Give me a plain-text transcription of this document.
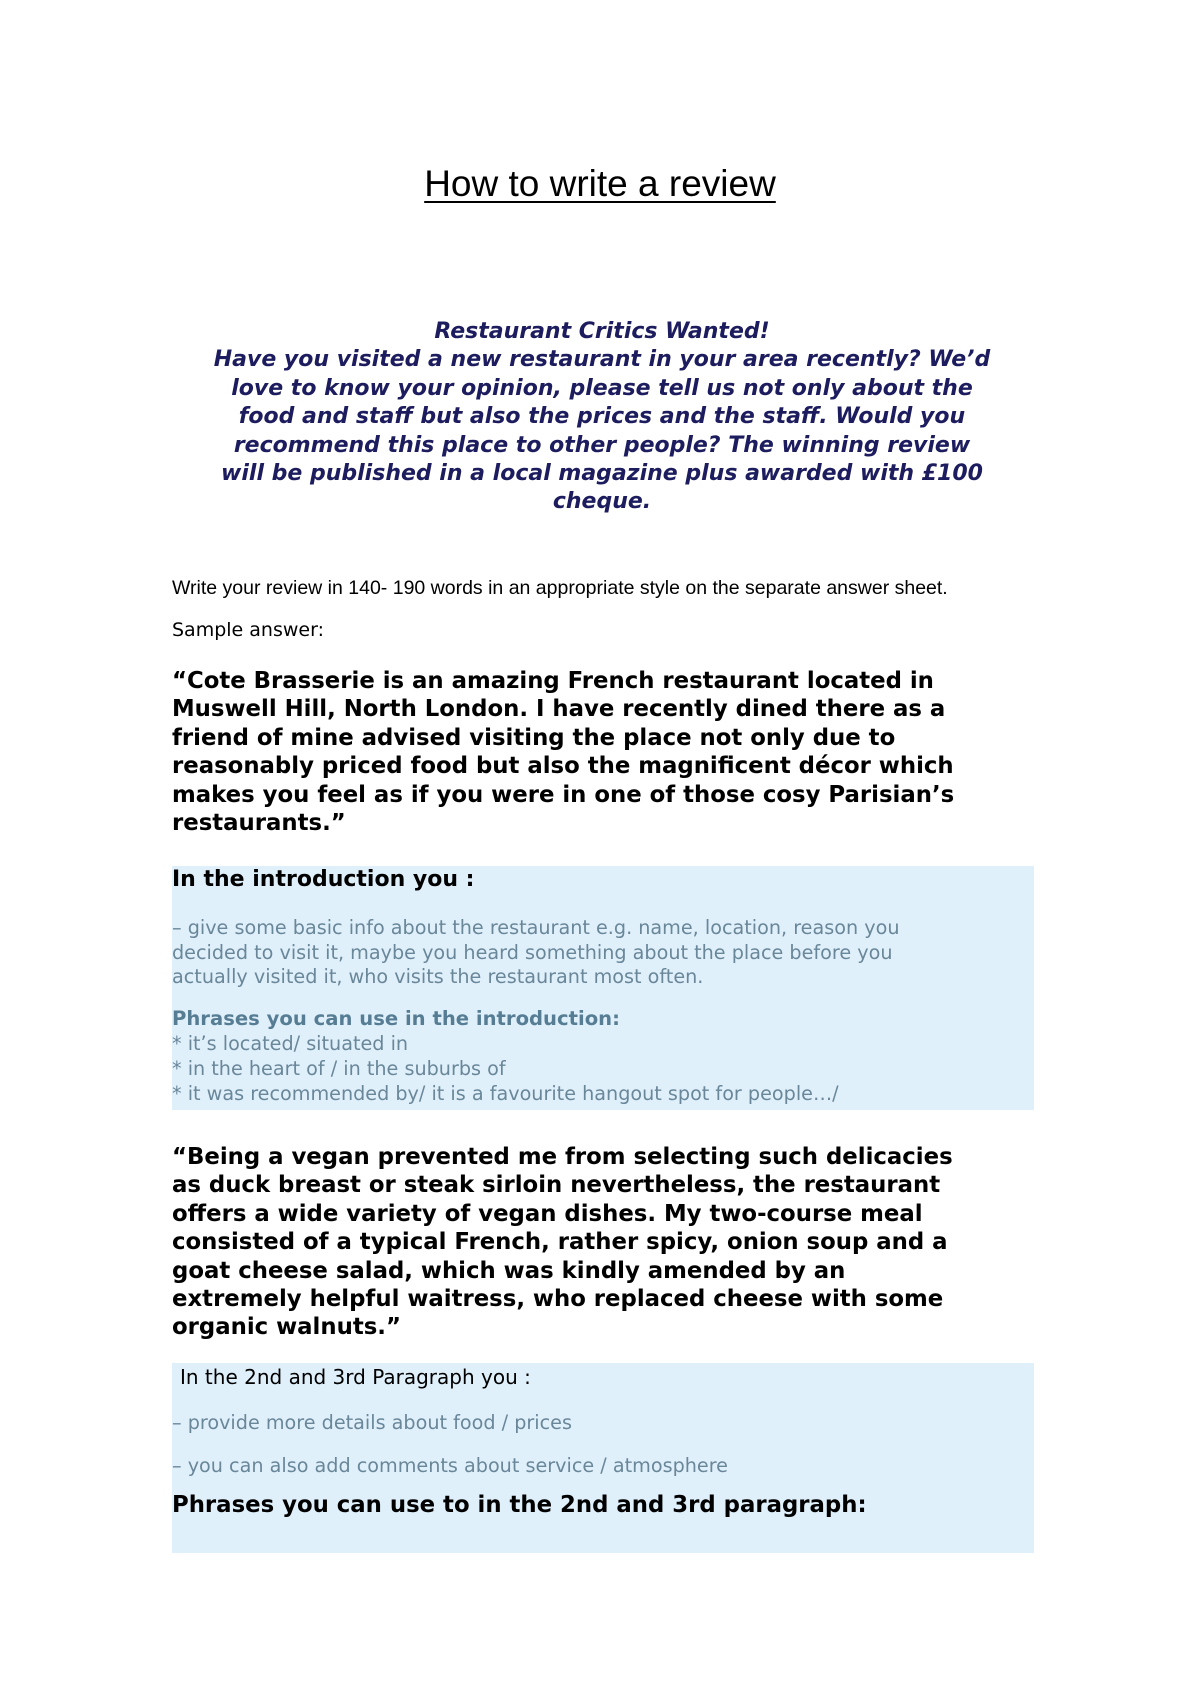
How to write a review
Restaurant Critics Wanted!
Have you visited a new restaurant in your area recently? We’d
love to know your opinion, please tell us not only about the
food and staff but also the prices and the staff. Would you
recommend this place to other people? The winning review
will be published in a local magazine plus awarded with £100
cheque.
Write your review in 140- 190 words in an appropriate style on the separate answer sheet.
Sample answer:
“Cote Brasserie is an amazing French restaurant located in
Muswell Hill, North London. I have recently dined there as a
friend of mine advised visiting the place not only due to
reasonably priced food but also the magnificent décor which
makes you feel as if you were in one of those cosy Parisian’s
restaurants.”
In the introduction you :
– give some basic info about the restaurant e.g. name, location, reason you
decided to visit it, maybe you heard something about the place before you
actually visited it, who visits the restaurant most often.
Phrases you can use in the introduction:
* it’s located/ situated in
* in the heart of / in the suburbs of
* it was recommended by/ it is a favourite hangout spot for people…/
“Being a vegan prevented me from selecting such delicacies
as duck breast or steak sirloin nevertheless, the restaurant
offers a wide variety of vegan dishes. My two-course meal
consisted of a typical French, rather spicy, onion soup and a
goat cheese salad, which was kindly amended by an
extremely helpful waitress, who replaced cheese with some
organic walnuts.”
In the 2nd and 3rd Paragraph you :
– provide more details about food / prices
– you can also add comments about service / atmosphere
Phrases you can use to in the 2nd and 3rd paragraph:
